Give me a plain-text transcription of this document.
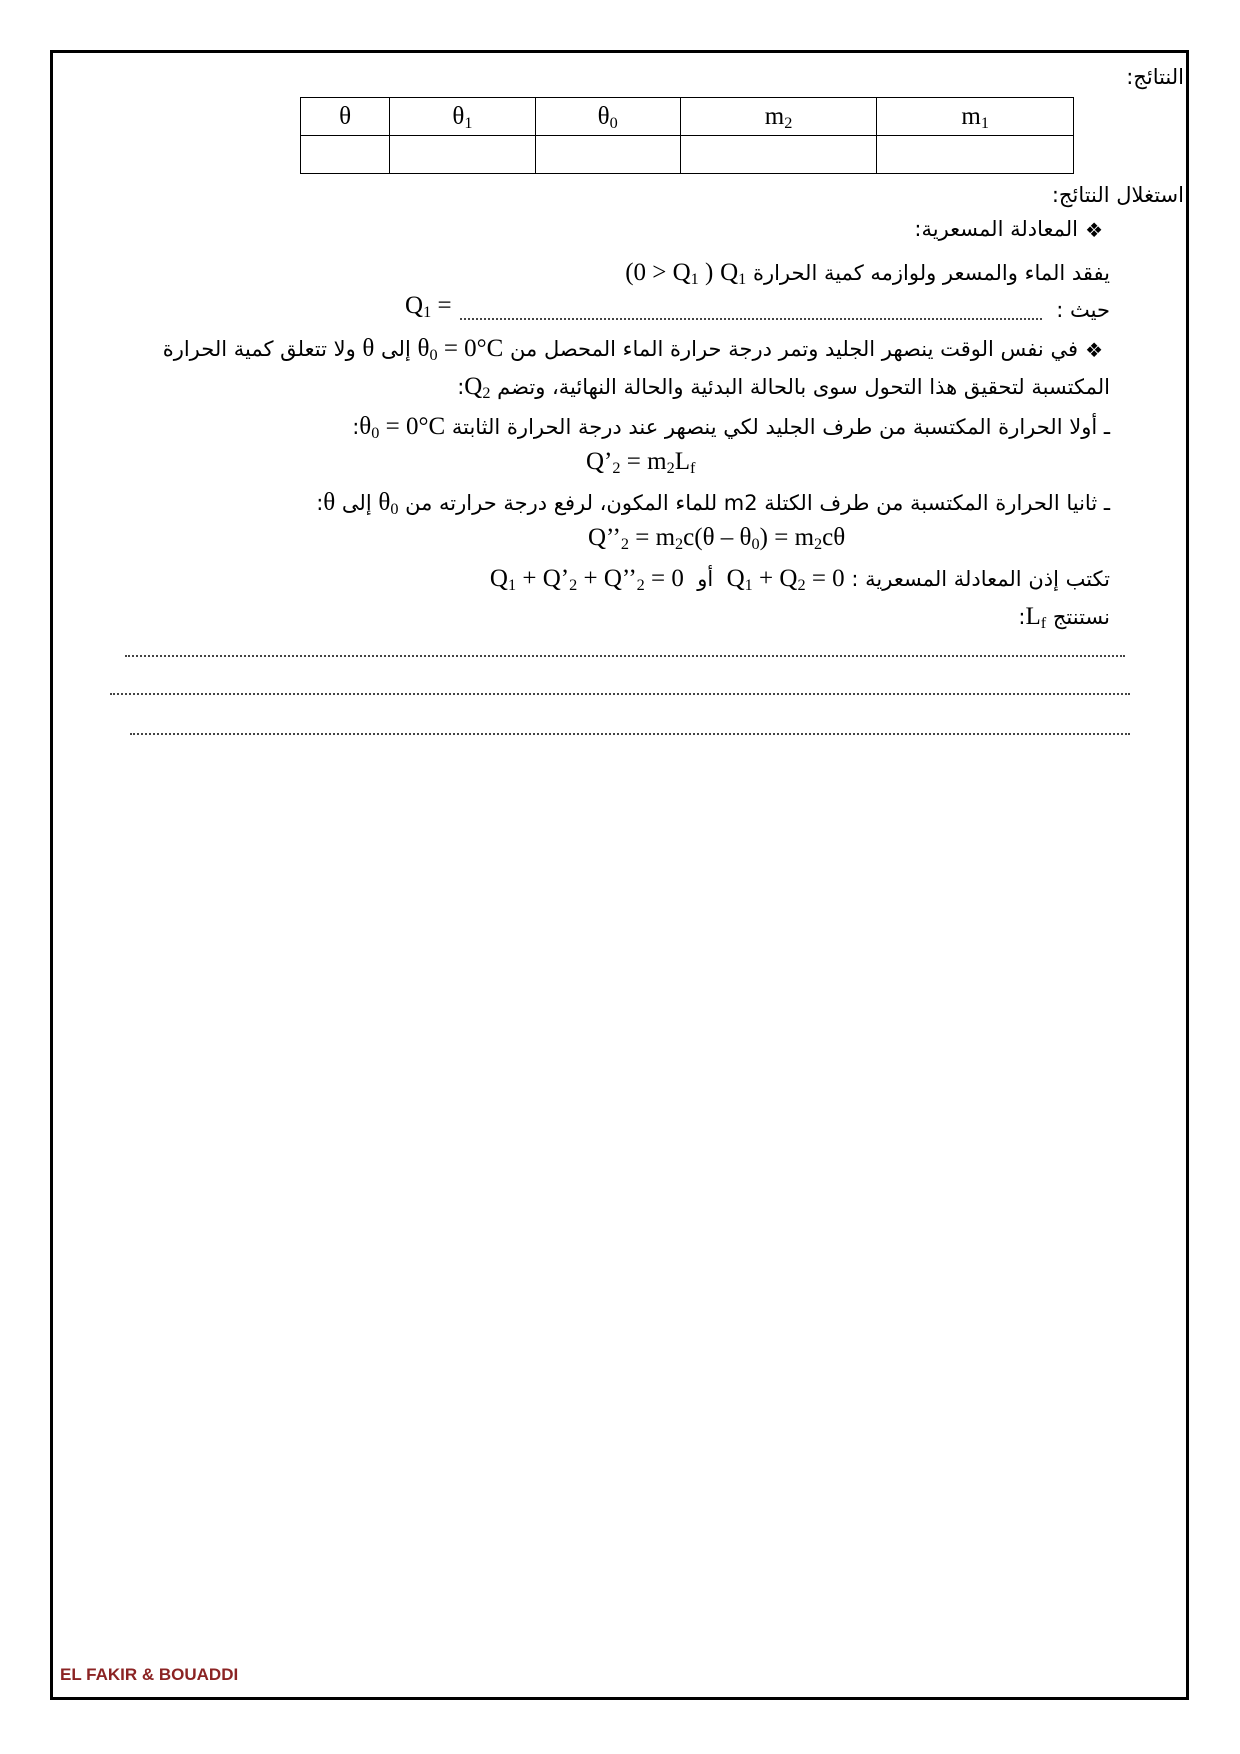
النتائج:
θ	$\theta_1$	$\theta_0$	$m_2$	$m_1$

استغلال النتائج:
❖
المعادلة المسعرية:
يفقد الماء والمسعر ولوازمه كمية الحرارة $Q_1$ ($0 > Q_1$ )
حيث :
$Q_1$ =
❖
في نفس الوقت ينصهر الجليد وتمر درجة حرارة الماء المحصل من $\theta_0 = 0^\circ C$ إلى θ ولا تتعلق كمية الحرارة
المكتسبة لتحقيق هذا التحول سوى بالحالة البدئية والحالة النهائية، وتضم $Q_2$:
ـ أولا الحرارة المكتسبة من طرف الجليد لكي ينصهر عند درجة الحرارة الثابتة $\theta_0 = 0^\circ C$:
$Q’_2 = m_2L_f$
ـ ثانيا الحرارة المكتسبة من طرف الكتلة m2 للماء المكون، لرفع درجة حرارته من $\theta_0$ إلى θ:
$Q’’_2 = m_2c(\theta - \theta_0) = m_2c\theta$
تكتب إذن المعادلة المسعرية : $Q_1 + Q_2 = 0$  أو  $Q_1$ + $Q’_2$ + $Q’’_2 = 0$
نستنتج $L_f$:
EL FAKIR & BOUADDI
